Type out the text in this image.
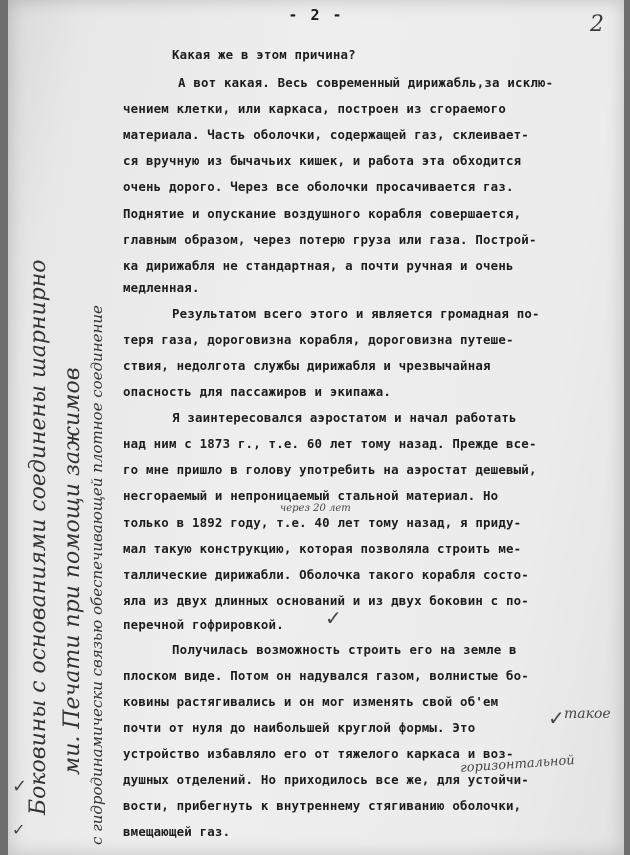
- 2 -	2
Какая же в этом причина?
А вот какая. Весь современный дирижабль,за исклю-
чением клетки, или каркаса, построен из сгораемого
материала. Часть оболочки, содержащей газ, склеивает-
ся вручную из бычачьих кишек, и работа эта обходится
очень дорого. Через все оболочки просачивается газ.
Поднятие и опускание воздушного корабля совершается,
главным образом, через потерю груза или газа. Построй-
ка дирижабля не стандартная, а почти ручная и очень
медленная.
Результатом всего этого и является громадная по-
теря газа, дороговизна корабля, дороговизна путеше-
ствия, недолгота службы дирижабля и чрезвычайная
опасность для пассажиров и экипажа.
Я заинтересовался аэростатом и начал работать
над ним с 1873 г., т.е. 60 лет тому назад. Прежде все-
го мне пришло в голову употребить на аэростат дешевый,
несгораемый и непроницаемый стальной материал. Но
только в 1892 году, т.е. 40 лет тому назад, я приду-
мал такую конструкцию, которая позволяла строить ме-
таллические дирижабли. Оболочка такого корабля состо-
яла из двух длинных оснований и из двух боковин с по-
перечной гофрировкой.
Получилась возможность строить его на земле в
плоском виде. Потом он надувался газом, волнистые бо-
ковины растягивались и он мог изменять свой об'ем
почти от нуля до наибольшей круглой формы. Это
устройство избавляло его от тяжелого каркаса и воз-
душных отделений. Но приходилось все же, для устойчи-
вости, прибегнуть к внутреннему стягиванию оболочки,
вмещающей газ.
через 20 лет
такое
горизонтальной
✓
✓
✓
✓
Боковины с основаниями соединены шарнирно ми. Печати при помощи зажимов с гидродинамически связью обеспечивающей плотное соединение
